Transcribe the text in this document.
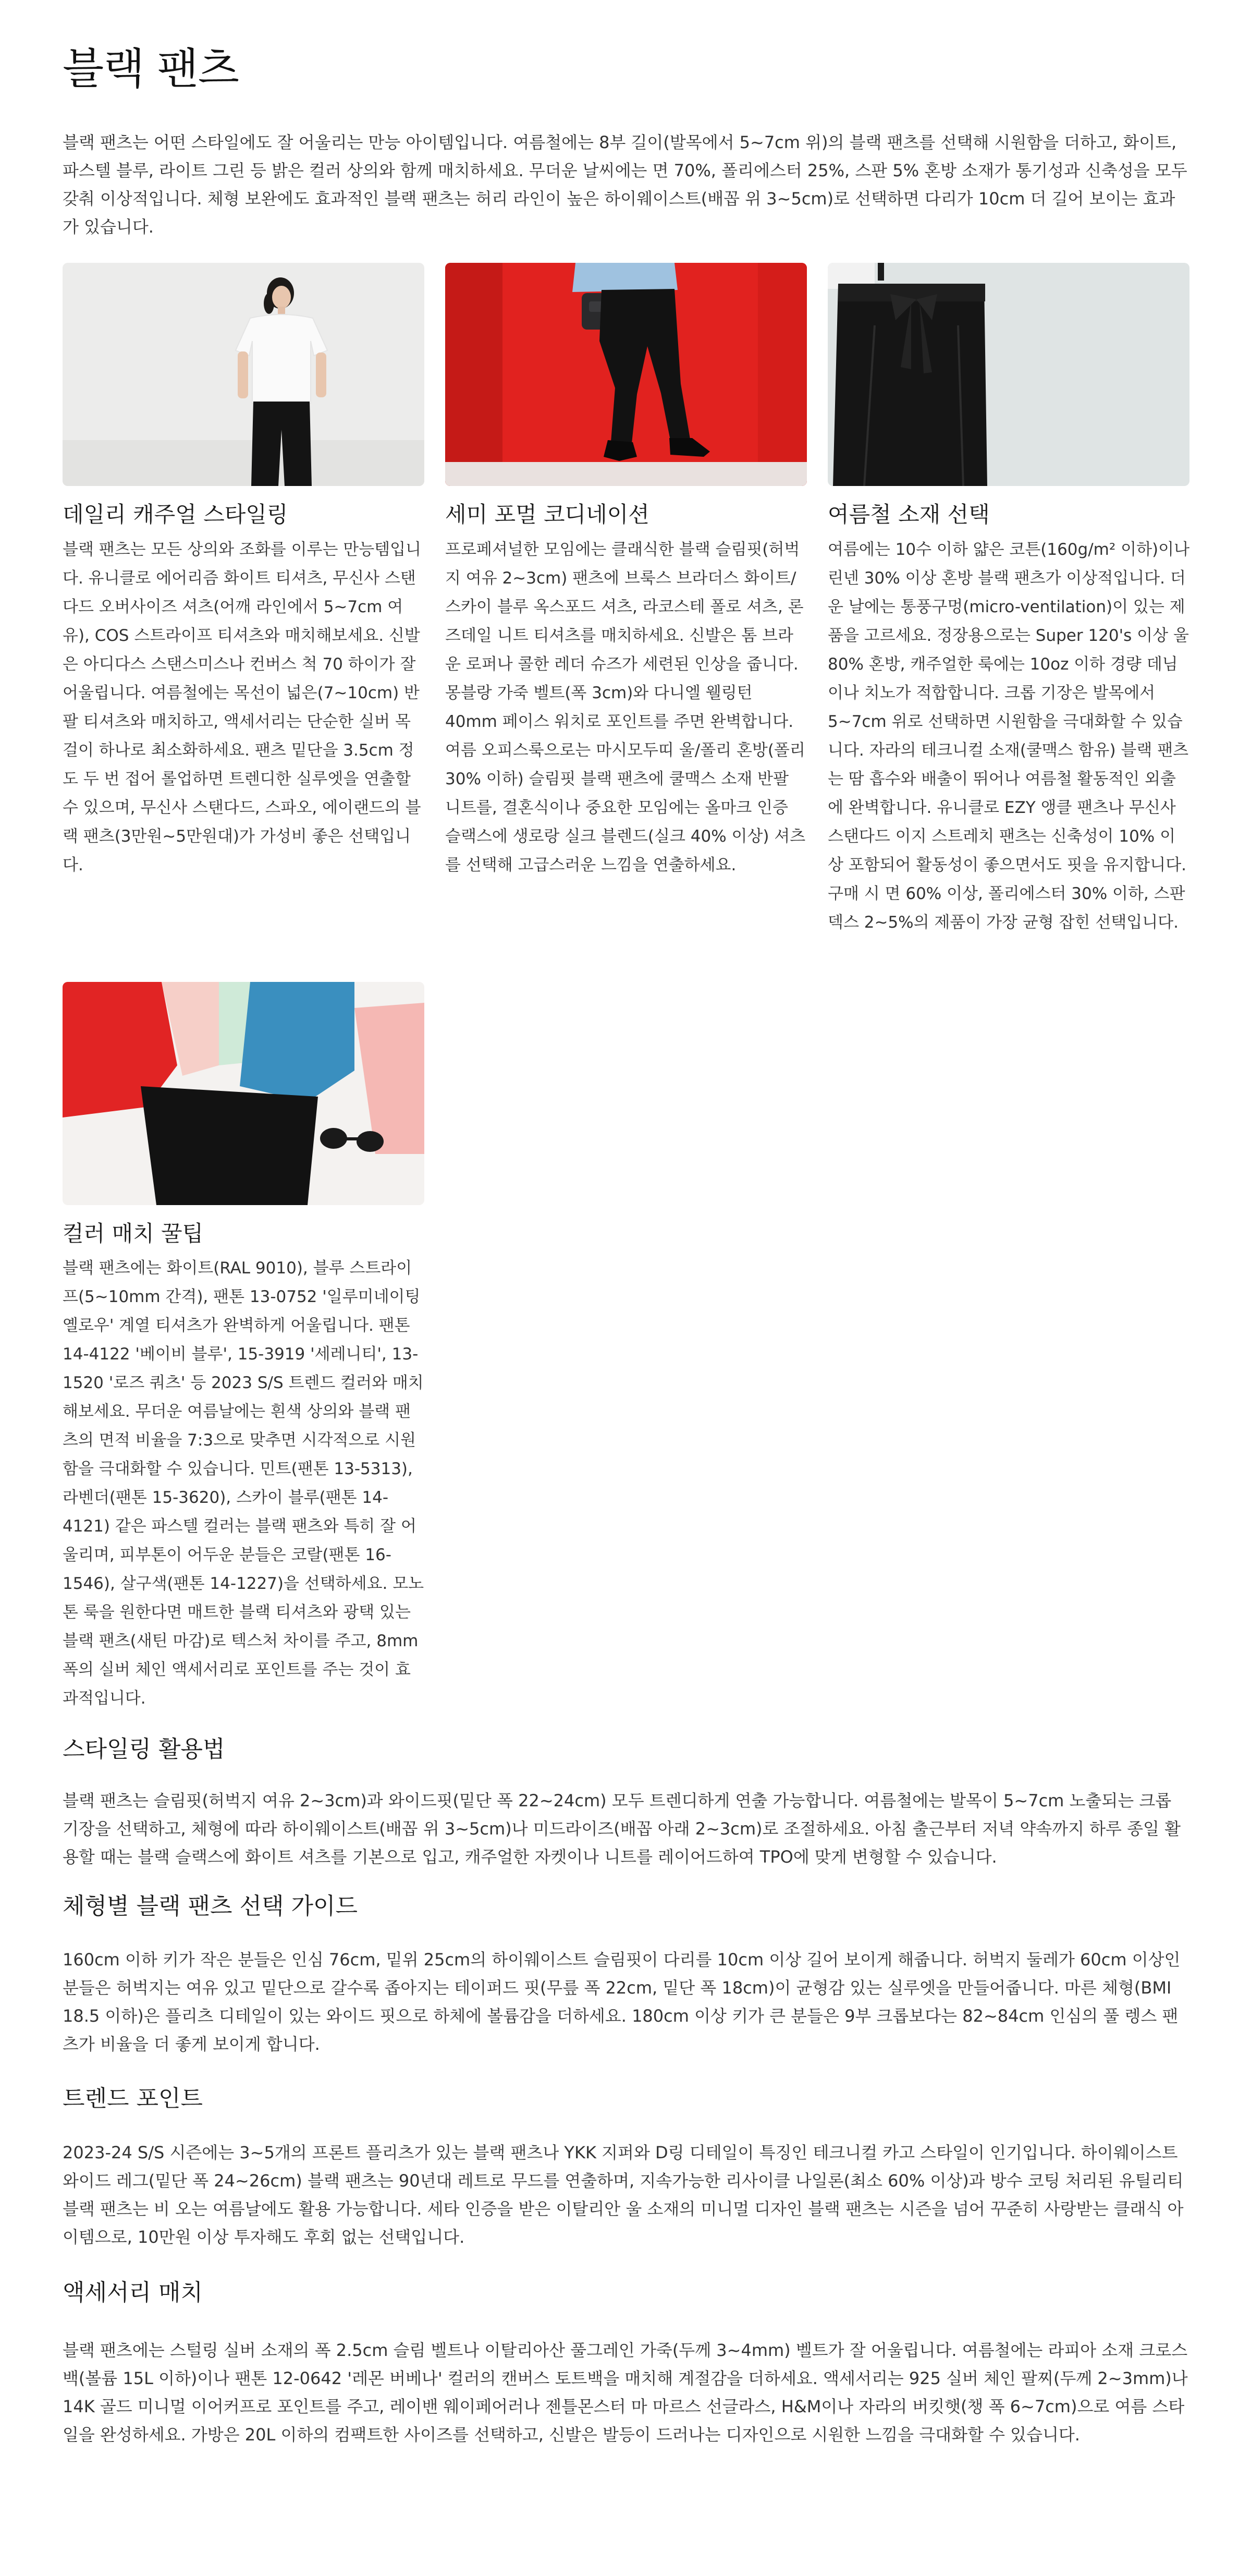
블랙 팬츠

블랙 팬츠는 어떤 스타일에도 잘 어울리는 만능 아이템입니다. 여름철에는 8부 길이(발목에서 5~7cm 위)의 블랙 팬츠를 선택해 시원함을 더하고, 화이트, 파스텔 블루, 라이트 그린 등 밝은 컬러 상의와 함께 매치하세요. 무더운 날씨에는 면 70%, 폴리에스터 25%, 스판 5% 혼방 소재가 통기성과 신축성을 모두 갖춰 이상적입니다. 체형 보완에도 효과적인 블랙 팬츠는 허리 라인이 높은 하이웨이스트(배꼽 위 3~5cm)로 선택하면 다리가 10cm 더 길어 보이는 효과가 있습니다.

데일리 캐주얼 스타일링

블랙 팬츠는 모든 상의와 조화를 이루는 만능템입니다. 유니클로 에어리즘 화이트 티셔츠, 무신사 스탠다드 오버사이즈 셔츠(어깨 라인에서 5~7cm 여유), COS 스트라이프 티셔츠와 매치해보세요. 신발은 아디다스 스탠스미스나 컨버스 척 70 하이가 잘 어울립니다. 여름철에는 목선이 넓은(7~10cm) 반팔 티셔츠와 매치하고, 액세서리는 단순한 실버 목걸이 하나로 최소화하세요. 팬츠 밑단을 3.5cm 정도 두 번 접어 롤업하면 트렌디한 실루엣을 연출할 수 있으며, 무신사 스탠다드, 스파오, 에이랜드의 블랙 팬츠(3만원~5만원대)가 가성비 좋은 선택입니다.

세미 포멀 코디네이션

프로페셔널한 모임에는 클래식한 블랙 슬림핏(허벅지 여유 2~3cm) 팬츠에 브룩스 브라더스 화이트/스카이 블루 옥스포드 셔츠, 라코스테 폴로 셔츠, 론즈데일 니트 티셔츠를 매치하세요. 신발은 톰 브라운 로퍼나 콜한 레더 슈즈가 세련된 인상을 줍니다. 몽블랑 가죽 벨트(폭 3cm)와 다니엘 웰링턴 40mm 페이스 워치로 포인트를 주면 완벽합니다. 여름 오피스룩으로는 마시모두띠 울/폴리 혼방(폴리 30% 이하) 슬림핏 블랙 팬츠에 쿨맥스 소재 반팔 니트를, 결혼식이나 중요한 모임에는 올마크 인증 슬랙스에 생로랑 실크 블렌드(실크 40% 이상) 셔츠를 선택해 고급스러운 느낌을 연출하세요.

여름철 소재 선택

여름에는 10수 이하 얇은 코튼(160g/m² 이하)이나 린넨 30% 이상 혼방 블랙 팬츠가 이상적입니다. 더운 날에는 통풍구멍(micro-ventilation)이 있는 제품을 고르세요. 정장용으로는 Super 120's 이상 울 80% 혼방, 캐주얼한 룩에는 10oz 이하 경량 데님이나 치노가 적합합니다. 크롭 기장은 발목에서 5~7cm 위로 선택하면 시원함을 극대화할 수 있습니다. 자라의 테크니컬 소재(쿨맥스 함유) 블랙 팬츠는 땀 흡수와 배출이 뛰어나 여름철 활동적인 외출에 완벽합니다. 유니클로 EZY 앵클 팬츠나 무신사 스탠다드 이지 스트레치 팬츠는 신축성이 10% 이상 포함되어 활동성이 좋으면서도 핏을 유지합니다. 구매 시 면 60% 이상, 폴리에스터 30% 이하, 스판덱스 2~5%의 제품이 가장 균형 잡힌 선택입니다.

컬러 매치 꿀팁

블랙 팬츠에는 화이트(RAL 9010), 블루 스트라이프(5~10mm 간격), 팬톤 13-0752 '일루미네이팅 옐로우' 계열 티셔츠가 완벽하게 어울립니다. 팬톤 14-4122 '베이비 블루', 15-3919 '세레니티', 13-1520 '로즈 쿼츠' 등 2023 S/S 트렌드 컬러와 매치해보세요. 무더운 여름날에는 흰색 상의와 블랙 팬츠의 면적 비율을 7:3으로 맞추면 시각적으로 시원함을 극대화할 수 있습니다. 민트(팬톤 13-5313), 라벤더(팬톤 15-3620), 스카이 블루(팬톤 14-4121) 같은 파스텔 컬러는 블랙 팬츠와 특히 잘 어울리며, 피부톤이 어두운 분들은 코랄(팬톤 16-1546), 살구색(팬톤 14-1227)을 선택하세요. 모노톤 룩을 원한다면 매트한 블랙 티셔츠와 광택 있는 블랙 팬츠(새틴 마감)로 텍스처 차이를 주고, 8mm 폭의 실버 체인 액세서리로 포인트를 주는 것이 효과적입니다.

스타일링 활용법

블랙 팬츠는 슬림핏(허벅지 여유 2~3cm)과 와이드핏(밑단 폭 22~24cm) 모두 트렌디하게 연출 가능합니다. 여름철에는 발목이 5~7cm 노출되는 크롭 기장을 선택하고, 체형에 따라 하이웨이스트(배꼽 위 3~5cm)나 미드라이즈(배꼽 아래 2~3cm)로 조절하세요. 아침 출근부터 저녁 약속까지 하루 종일 활용할 때는 블랙 슬랙스에 화이트 셔츠를 기본으로 입고, 캐주얼한 자켓이나 니트를 레이어드하여 TPO에 맞게 변형할 수 있습니다.

체형별 블랙 팬츠 선택 가이드

160cm 이하 키가 작은 분들은 인심 76cm, 밑위 25cm의 하이웨이스트 슬림핏이 다리를 10cm 이상 길어 보이게 해줍니다. 허벅지 둘레가 60cm 이상인 분들은 허벅지는 여유 있고 밑단으로 갈수록 좁아지는 테이퍼드 핏(무릎 폭 22cm, 밑단 폭 18cm)이 균형감 있는 실루엣을 만들어줍니다. 마른 체형(BMI 18.5 이하)은 플리츠 디테일이 있는 와이드 핏으로 하체에 볼륨감을 더하세요. 180cm 이상 키가 큰 분들은 9부 크롭보다는 82~84cm 인심의 풀 렝스 팬츠가 비율을 더 좋게 보이게 합니다.

트렌드 포인트

2023-24 S/S 시즌에는 3~5개의 프론트 플리츠가 있는 블랙 팬츠나 YKK 지퍼와 D링 디테일이 특징인 테크니컬 카고 스타일이 인기입니다. 하이웨이스트 와이드 레그(밑단 폭 24~26cm) 블랙 팬츠는 90년대 레트로 무드를 연출하며, 지속가능한 리사이클 나일론(최소 60% 이상)과 방수 코팅 처리된 유틸리티 블랙 팬츠는 비 오는 여름날에도 활용 가능합니다. 세타 인증을 받은 이탈리안 울 소재의 미니멀 디자인 블랙 팬츠는 시즌을 넘어 꾸준히 사랑받는 클래식 아이템으로, 10만원 이상 투자해도 후회 없는 선택입니다.

액세서리 매치

블랙 팬츠에는 스털링 실버 소재의 폭 2.5cm 슬림 벨트나 이탈리아산 풀그레인 가죽(두께 3~4mm) 벨트가 잘 어울립니다. 여름철에는 라피아 소재 크로스백(볼륨 15L 이하)이나 팬톤 12-0642 '레몬 버베나' 컬러의 캔버스 토트백을 매치해 계절감을 더하세요. 액세서리는 925 실버 체인 팔찌(두께 2~3mm)나 14K 골드 미니멀 이어커프로 포인트를 주고, 레이밴 웨이페어러나 젠틀몬스터 마 마르스 선글라스, H&M이나 자라의 버킷햇(챙 폭 6~7cm)으로 여름 스타일을 완성하세요. 가방은 20L 이하의 컴팩트한 사이즈를 선택하고, 신발은 발등이 드러나는 디자인으로 시원한 느낌을 극대화할 수 있습니다.
